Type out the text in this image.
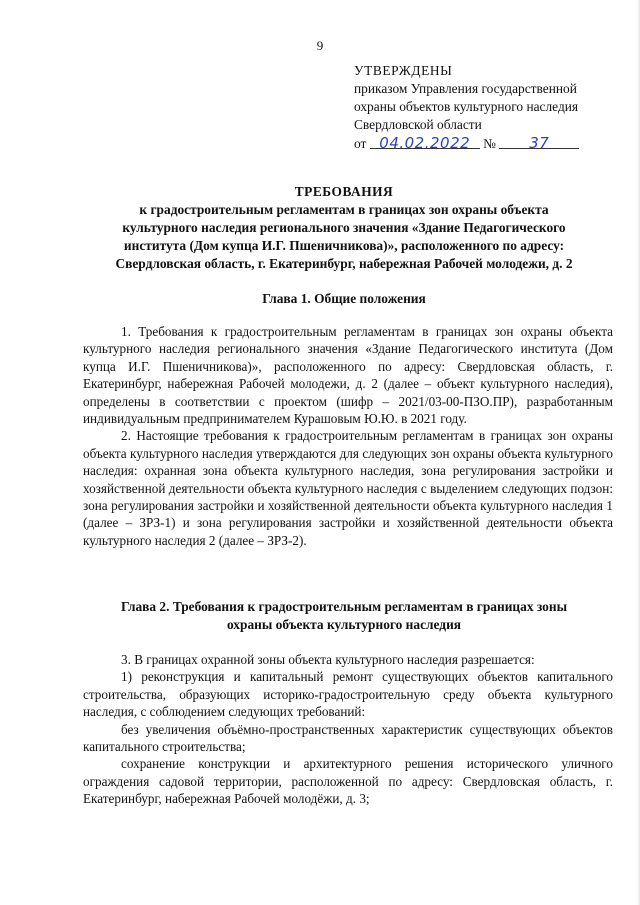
9
УТВЕРЖДЕНЫ
приказом Управления государственной
охраны объектов культурного наследия
Свердловской области
от 04.02.2022 № 37
ТРЕБОВАНИЯ
к градостроительным регламентам в границах зон охраны объекта
культурного наследия регионального значения «Здание Педагогического
института (Дом купца И.Г. Пшеничникова)», расположенного по адресу:
Свердловская область, г. Екатеринбург, набережная Рабочей молодежи, д. 2
Глава 1. Общие положения

1. Требования к градостроительным регламентам в границах зон охраны объекта культурного наследия регионального значения «Здание Педагогического института (Дом купца И.Г. Пшеничникова)», расположенного по адресу: Свердловская область, г. Екатеринбург, набережная Рабочей молодежи, д. 2 (далее – объект культурного наследия), определены в соответствии с проектом (шифр – 2021/03-00-ПЗО.ПР), разработанным индивидуальным предпринимателем Курашовым Ю.Ю. в 2021 году.

2. Настоящие требования к градостроительным регламентам в границах зон охраны объекта культурного наследия утверждаются для следующих зон охраны объекта культурного наследия: охранная зона объекта культурного наследия, зона регулирования застройки и хозяйственной деятельности объекта культурного наследия с выделением следующих подзон: зона регулирования застройки и хозяйственной деятельности объекта культурного наследия 1 (далее – ЗРЗ-1) и зона регулирования застройки и хозяйственной деятельности объекта культурного наследия 2 (далее – ЗРЗ-2).

Глава 2. Требования к градостроительным регламентам в границах зоны
охраны объекта культурного наследия

3. В границах охранной зоны объекта культурного наследия разрешается:

1) реконструкция и капитальный ремонт существующих объектов капитального строительства, образующих историко-градостроительную среду объекта культурного наследия, с соблюдением следующих требований:

без увеличения объёмно-пространственных характеристик существующих объектов капитального строительства;

сохранение конструкции и архитектурного решения исторического уличного ограждения садовой территории, расположенной по адресу: Свердловская область, г. Екатеринбург, набережная Рабочей молодёжи, д. 3;
